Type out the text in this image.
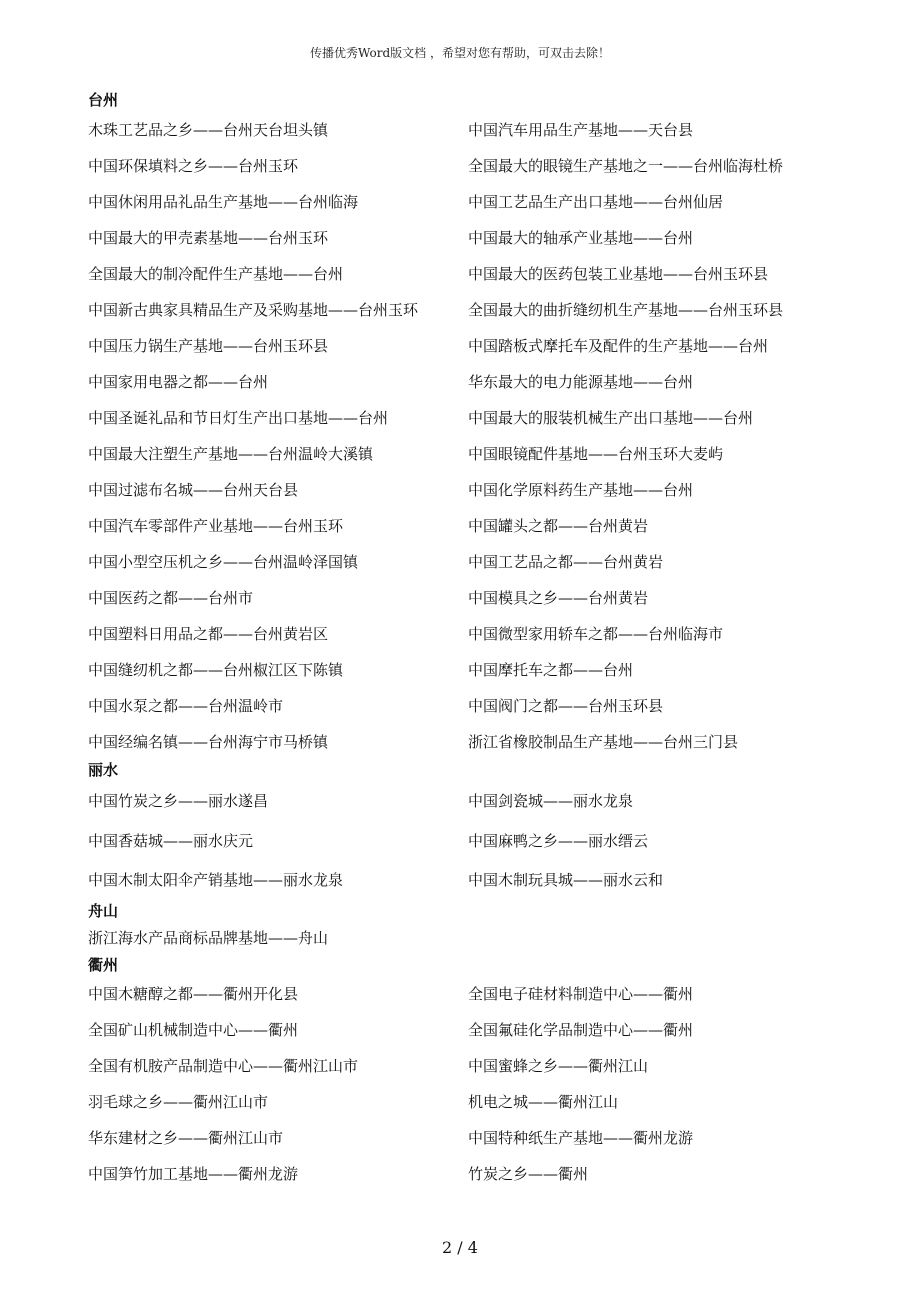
传播优秀Word版文档 ，希望对您有帮助，可双击去除！
台州
木珠工艺品之乡——台州天台坦头镇	中国汽车用品生产基地——天台县
中国环保填料之乡——台州玉环	全国最大的眼镜生产基地之一——台州临海杜桥
中国休闲用品礼品生产基地——台州临海	中国工艺品生产出口基地——台州仙居
中国最大的甲壳素基地——台州玉环	中国最大的轴承产业基地——台州
全国最大的制冷配件生产基地——台州	中国最大的医药包装工业基地——台州玉环县
中国新古典家具精品生产及采购基地——台州玉环	全国最大的曲折缝纫机生产基地——台州玉环县
中国压力锅生产基地——台州玉环县	中国踏板式摩托车及配件的生产基地——台州
中国家用电器之都——台州	华东最大的电力能源基地——台州
中国圣诞礼品和节日灯生产出口基地——台州	中国最大的服装机械生产出口基地——台州
中国最大注塑生产基地——台州温岭大溪镇	中国眼镜配件基地——台州玉环大麦屿
中国过滤布名城——台州天台县	中国化学原料药生产基地——台州
中国汽车零部件产业基地——台州玉环	中国罐头之都——台州黄岩
中国小型空压机之乡——台州温岭泽国镇	中国工艺品之都——台州黄岩
中国医药之都——台州市	中国模具之乡——台州黄岩
中国塑料日用品之都——台州黄岩区	中国微型家用轿车之都——台州临海市
中国缝纫机之都——台州椒江区下陈镇	中国摩托车之都——台州
中国水泵之都——台州温岭市	中国阀门之都——台州玉环县
中国经编名镇——台州海宁市马桥镇	浙江省橡胶制品生产基地——台州三门县
丽水
中国竹炭之乡——丽水遂昌	中国剑瓷城——丽水龙泉
中国香菇城——丽水庆元	中国麻鸭之乡——丽水缙云
中国木制太阳伞产销基地——丽水龙泉	中国木制玩具城——丽水云和
舟山
浙江海水产品商标品牌基地——舟山
衢州
中国木糖醇之都——衢州开化县	全国电子硅材料制造中心——衢州
全国矿山机械制造中心——衢州	全国氟硅化学品制造中心——衢州
全国有机胺产品制造中心——衢州江山市	中国蜜蜂之乡——衢州江山
羽毛球之乡——衢州江山市	机电之城——衢州江山
华东建材之乡——衢州江山市	中国特种纸生产基地——衢州龙游
中国笋竹加工基地——衢州龙游	竹炭之乡——衢州
2 / 4
